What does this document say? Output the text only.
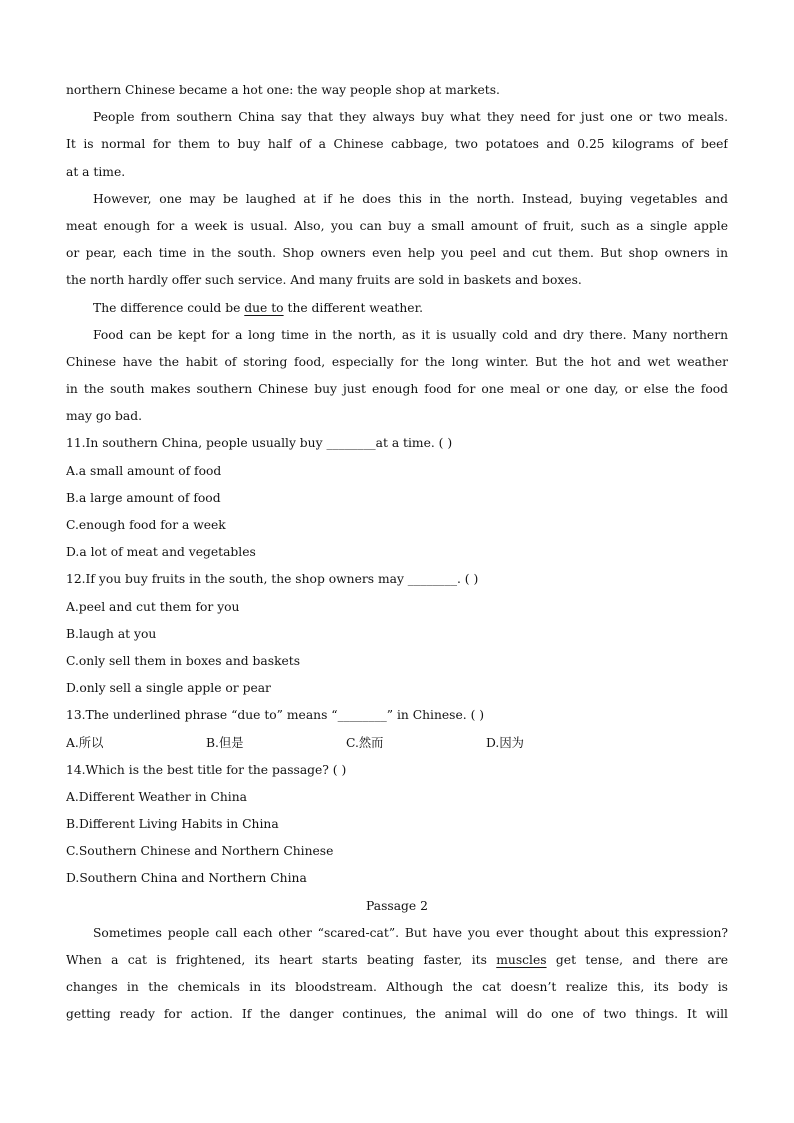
northern Chinese became a hot one: the way people shop at markets.
People from southern China say that they always buy what they need for just one or two meals.
It is normal for them to buy half of a Chinese cabbage, two potatoes and 0.25 kilograms of beef
at a time.
However, one may be laughed at if he does this in the north. Instead, buying vegetables and
meat enough for a week is usual. Also, you can buy a small amount of fruit, such as a single apple
or pear, each time in the south. Shop owners even help you peel and cut them. But shop owners in
the north hardly offer such service. And many fruits are sold in baskets and boxes.
The difference could be due to the different weather.
Food can be kept for a long time in the north, as it is usually cold and dry there. Many northern
Chinese have the habit of storing food, especially for the long winter. But the hot and wet weather
in the south makes southern Chinese buy just enough food for one meal or one day, or else the food
may go bad.
11.In southern China, people usually buy ________at a time. ( )
A.a small amount of food
B.a large amount of food
C.enough food for a week
D.a lot of meat and vegetables
12.If you buy fruits in the south, the shop owners may ________. ( )
A.peel and cut them for you
B.laugh at you
C.only sell them in boxes and baskets
D.only sell a single apple or pear
13.The underlined phrase “due to” means “________” in Chinese. ( )
A.所以	B.但是	C.然而	D.因为
14.Which is the best title for the passage? ( )
A.Different Weather in China
B.Different Living Habits in China
C.Southern Chinese and Northern Chinese
D.Southern China and Northern China
Passage 2
Sometimes people call each other “scared-cat”. But have you ever thought about this expression?
When a cat is frightened, its heart starts beating faster, its muscles get tense, and there are
changes in the chemicals in its bloodstream. Although the cat doesn’t realize this, its body is
getting ready for action. If the danger continues, the animal will do one of two things. It will
